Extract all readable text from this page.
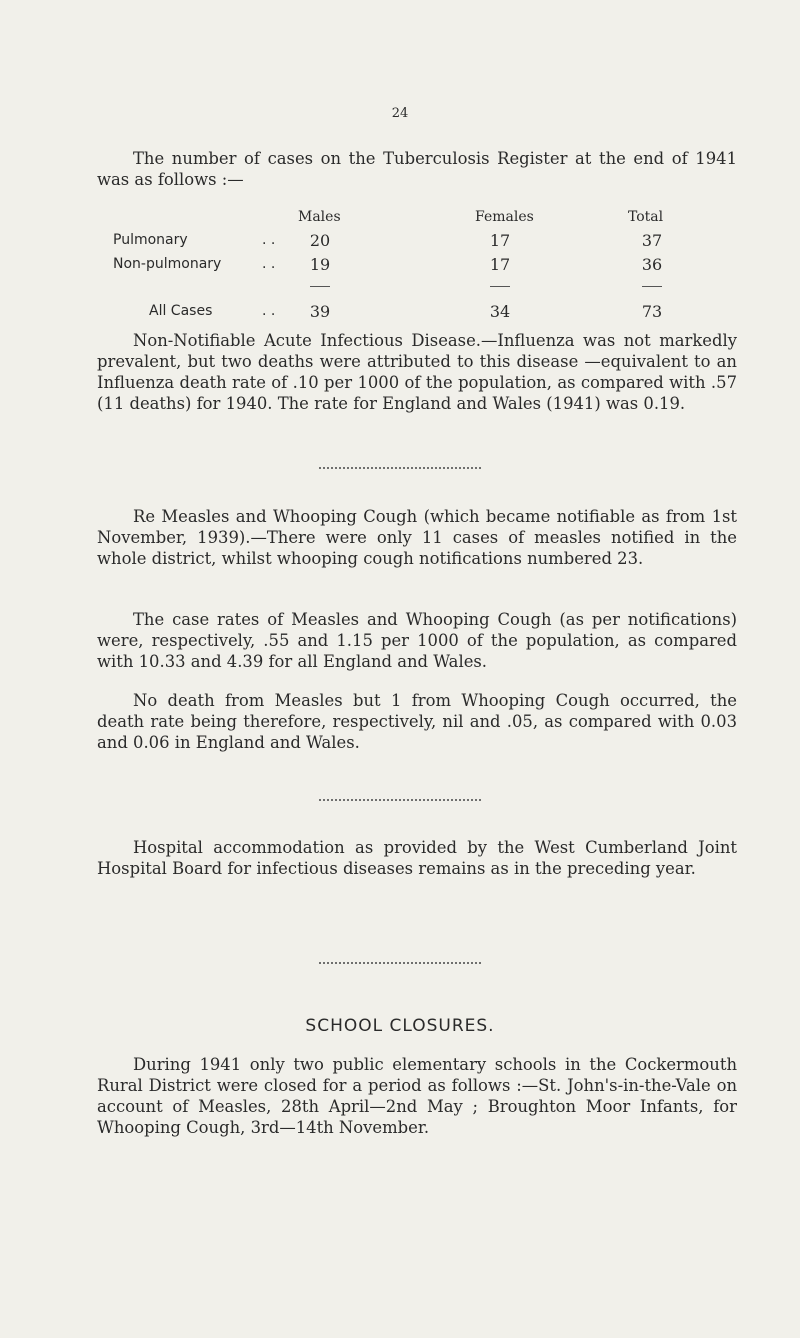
24

The number of cases on the Tuberculosis Register at the end of 1941 was as follows :—

Males	Females	Total
Pulmonary	. .	20	17	37
Non-pulmonary	. .	19	17	36
All Cases	. .	39	34	73

Non-Notifiable Acute Infectious Disease.—Influenza was not markedly prevalent, but two deaths were attributed to this disease —equivalent to an Influenza death rate of .10 per 1000 of the population, as compared with .57 (11 deaths) for 1940. The rate for England and Wales (1941) was 0.19.

Re Measles and Whooping Cough (which became notifiable as from 1st November, 1939).—There were only 11 cases of measles notified in the whole district, whilst whooping cough notifications numbered 23.

The case rates of Measles and Whooping Cough (as per notifications) were, respectively, .55 and 1.15 per 1000 of the population, as compared with 10.33 and 4.39 for all England and Wales.

No death from Measles but 1 from Whooping Cough occurred, the death rate being therefore, respectively, nil and .05, as compared with 0.03 and 0.06 in England and Wales.

Hospital accommodation as provided by the West Cumberland Joint Hospital Board for infectious diseases remains as in the preceding year.

SCHOOL CLOSURES.

During 1941 only two public elementary schools in the Cockermouth Rural District were closed for a period as follows :—St. John's-in-the-Vale on account of Measles, 28th April—2nd May ; Broughton Moor Infants, for Whooping Cough, 3rd—14th November.
